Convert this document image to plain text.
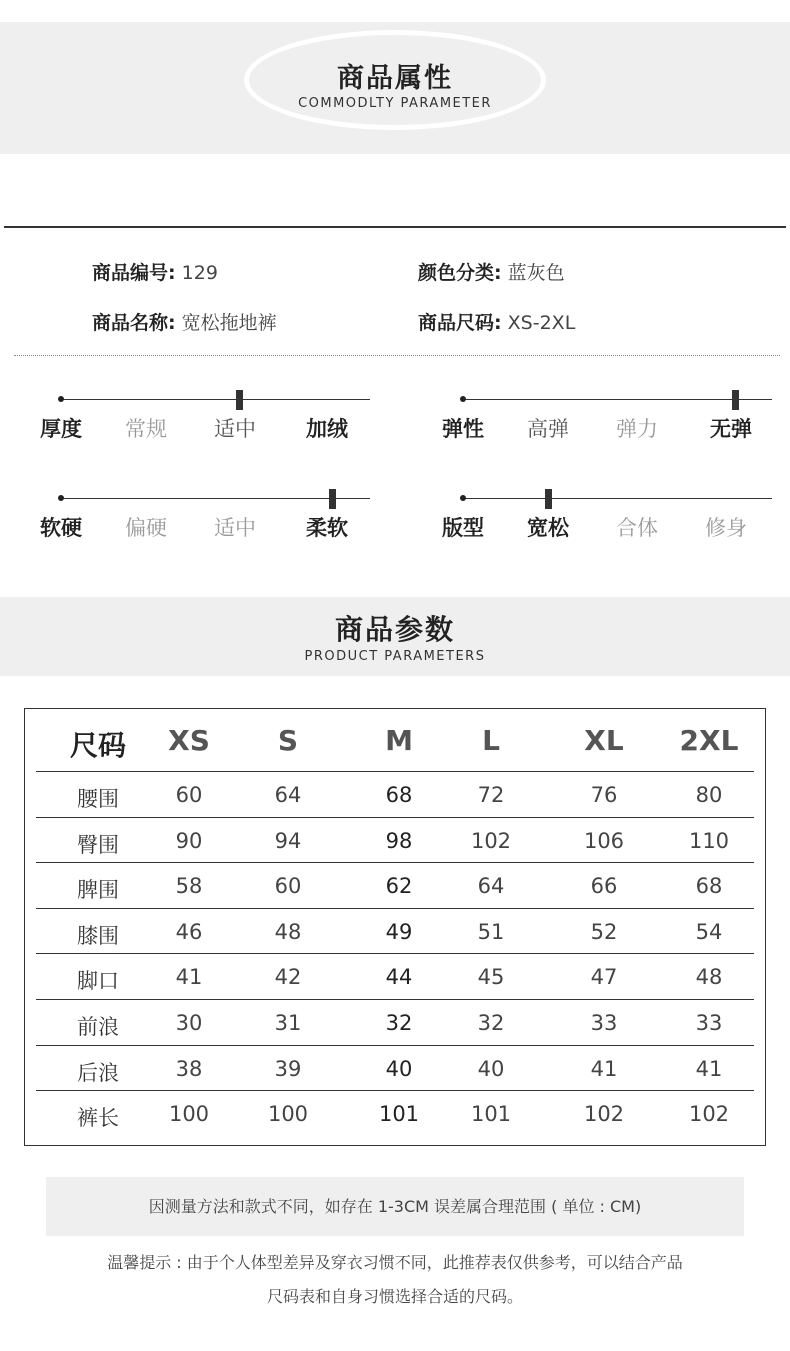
商品属性
COMMODLTY PARAMETER
商品编号: 129	颜色分类: 蓝灰色
商品名称: 宽松拖地裤	商品尺码: XS-2XL
厚度 常规 适中 加绒	弹性 高弹 弹力 无弹
软硬 偏硬 适中 柔软	版型 宽松 合体 修身
商品参数
PRODUCT PARAMETERS
尺码	XS	S	M	L	XL	2XL
腰围	60	64	68	72	76	80
臀围	90	94	98	102	106	110
脾围	58	60	62	64	66	68
膝围	46	48	49	51	52	54
脚口	41	42	44	45	47	48
前浪	30	31	32	32	33	33
后浪	38	39	40	40	41	41
裤长	100	100	101	101	102	102
因测量方法和款式不同，如存在 1-3CM 误差属合理范围 ( 单位 : CM)
温馨提示 : 由于个人体型差异及穿衣习惯不同，此推荐表仅供参考，可以结合产品
尺码表和自身习惯选择合适的尺码。
